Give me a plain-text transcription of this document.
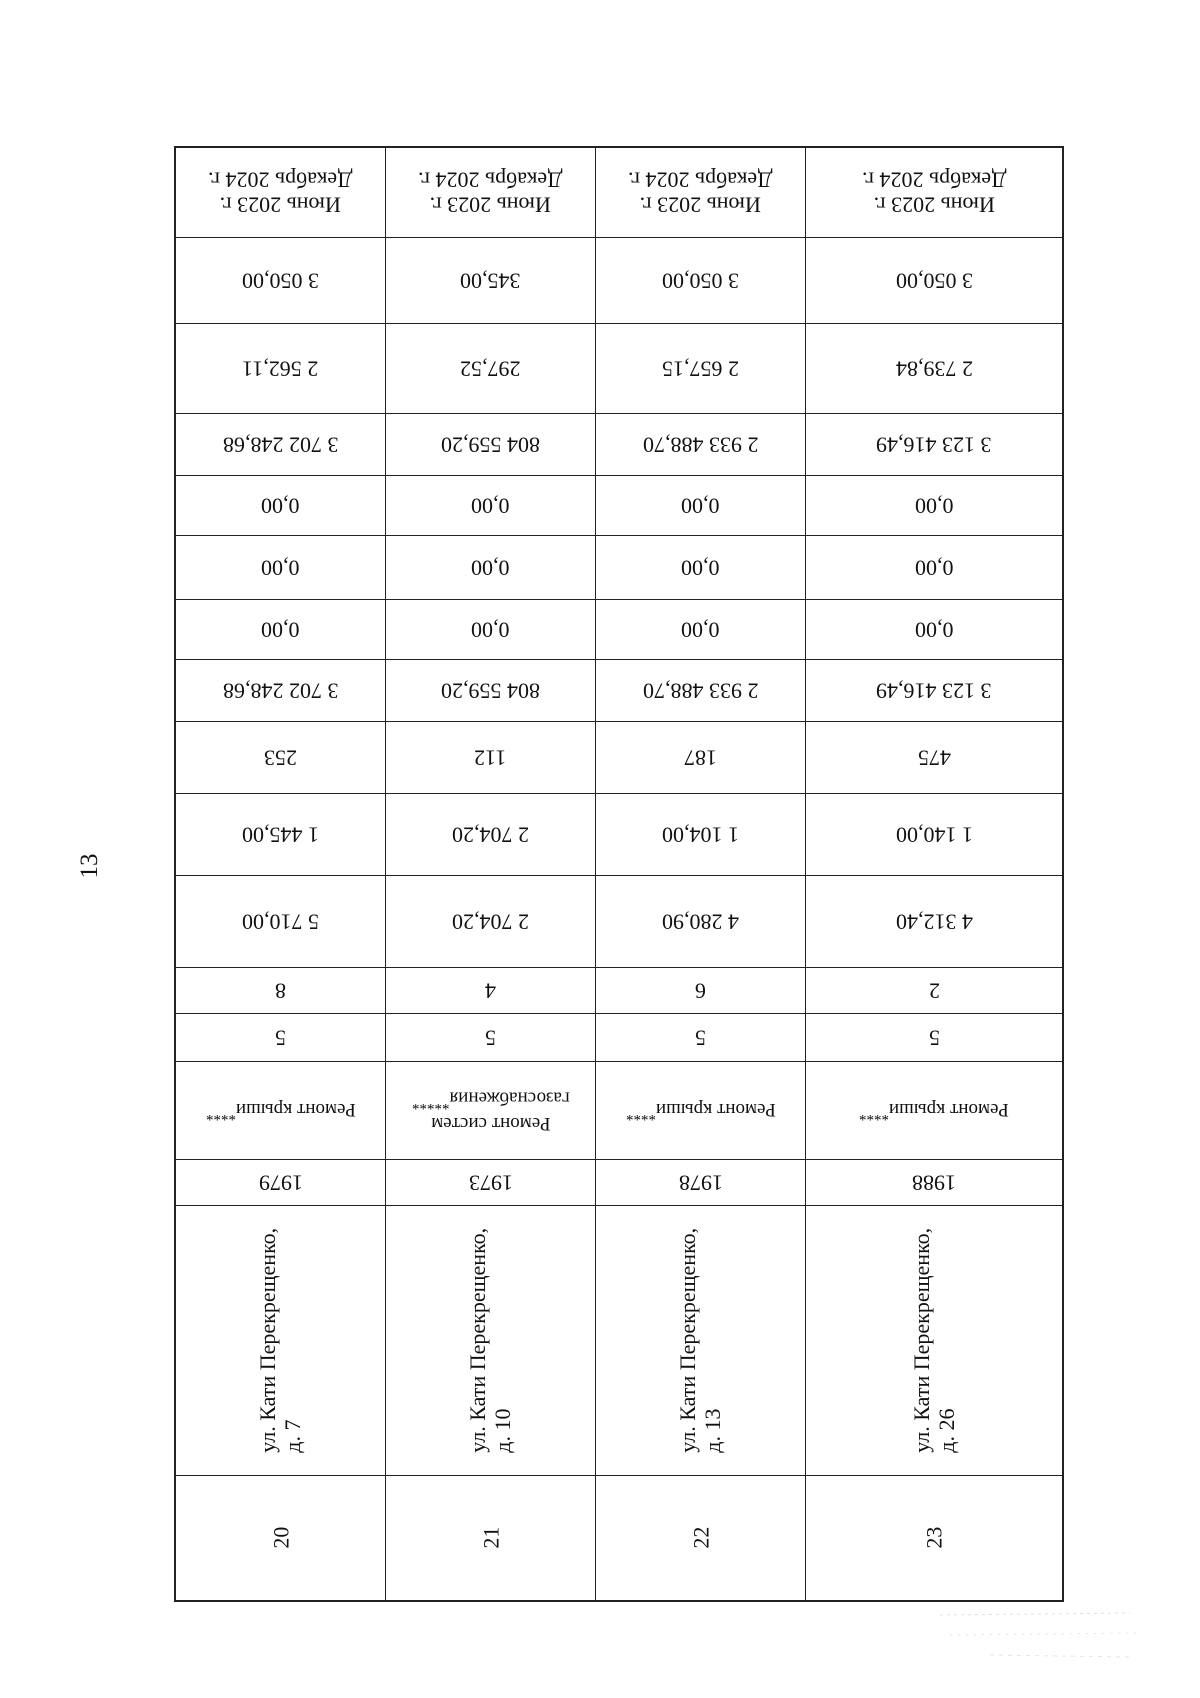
13
Июнь 2023 г.
Декабрь 2024 г.
3 050,00
2 562,11
3 702 248,68
0,00
0,00
0,00
3 702 248,68
253
1 445,00
5 710,00
8
5
Ремонт крыши****
1979
ул. Кати Перекрещенко, д. 7
20
Июнь 2023 г.
Декабрь 2024 г.
345,00
297,52
804 559,20
0,00
0,00
0,00
804 559,20
112
2 704,20
2 704,20
4
5
Ремонт систем
газоснабжения*****
1973
ул. Кати Перекрещенко, д. 10
21
Июнь 2023 г.
Декабрь 2024 г.
3 050,00
2 657,15
2 933 488,70
0,00
0,00
0,00
2 933 488,70
187
1 104,00
4 280,90
6
5
Ремонт крыши****
1978
ул. Кати Перекрещенко, д. 13
22
Июнь 2023 г.
Декабрь 2024 г.
3 050,00
2 739,84
3 123 416,49
0,00
0,00
0,00
3 123 416,49
475
1 140,00
4 312,40
2
5
Ремонт крыши****
1988
ул. Кати Перекрещенко, д. 26
23
